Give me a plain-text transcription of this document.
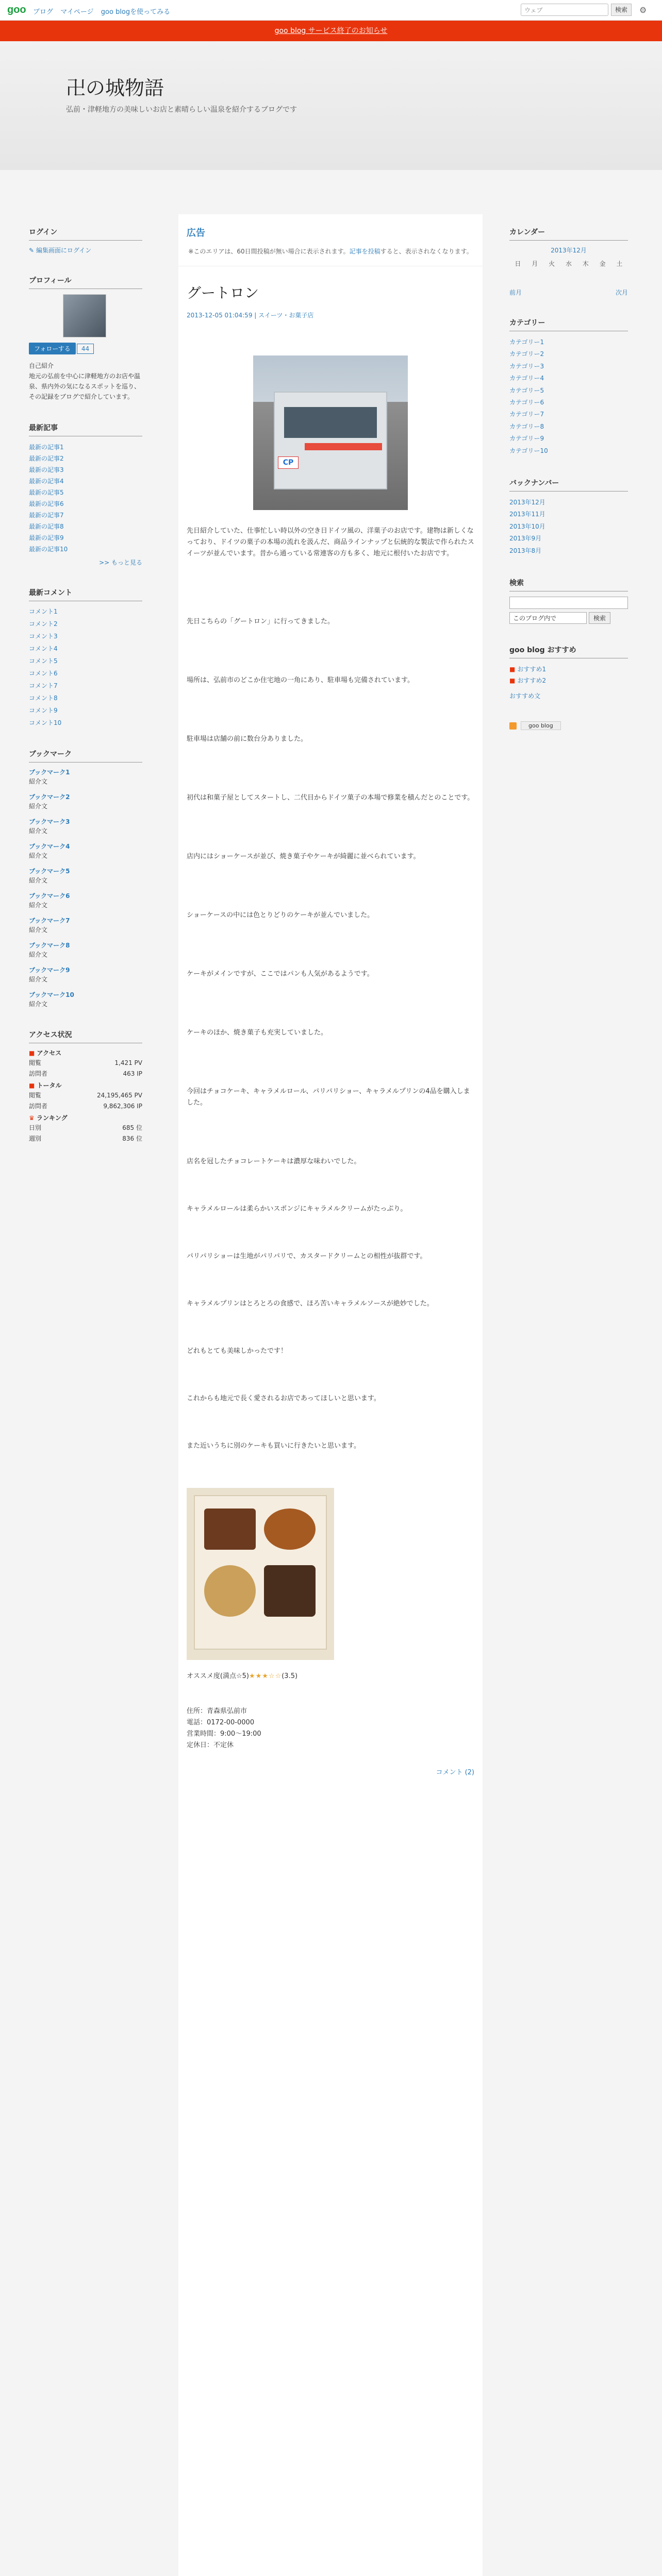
goo ブログ マイページ goo blogを使ってみる	ウェブ	検索	⚙
goo blog サービス終了のお知らせ
卍の城物語
弘前・津軽地方の美味しいお店と素晴らしい温泉を紹介するブログです
ログイン
✎ 編集画面にログイン
プロフィール
フォローする 44
自己紹介
地元の弘前を中心に津軽地方のお店や温泉、県内外の気になるスポットを巡り、その記録をブログで紹介しています。
最新記事
最新の記事1
最新の記事2
最新の記事3
最新の記事4
最新の記事5
最新の記事6
最新の記事7
最新の記事8
最新の記事9
最新の記事10
>> もっと見る
最新コメント
コメント1
コメント2
コメント3
コメント4
コメント5
コメント6
コメント7
コメント8
コメント9
コメント10
ブックマーク
ブックマーク1
紹介文
ブックマーク2
紹介文
ブックマーク3
紹介文
ブックマーク4
紹介文
ブックマーク5
紹介文
ブックマーク6
紹介文
ブックマーク7
紹介文
ブックマーク8
紹介文
ブックマーク9
紹介文
ブックマーク10
紹介文
アクセス状況
■ アクセス
閲覧	1,421 PV
訪問者	463 IP
■ トータル
閲覧	24,195,465 PV
訪問者	9,862,306 IP
♛ ランキング
日別	685 位
週別	836 位
広告
※このエリアは、60日間投稿が無い場合に表示されます。記事を投稿すると、表示されなくなります。
グートロン
2013-12-05 01:04:59 | スイーツ・お菓子店
CP
先日紹介していた、仕事忙しい時以外の空き日ドイツ風の、洋菓子のお店です。建物は新しくなっており、ドイツの菓子の本場の流れを汲んだ、商品ラインナップと伝統的な製法で作られたスイーツが並んでいます。昔から通っている常連客の方も多く、地元に根付いたお店です。
先日こちらの「グートロン」に行ってきました。
場所は、弘前市のどこか住宅地の一角にあり、駐車場も完備されています。
駐車場は店舗の前に数台分ありました。
初代は和菓子屋としてスタートし、二代目からドイツ菓子の本場で修業を積んだとのことです。
店内にはショーケースが並び、焼き菓子やケーキが綺麗に並べられています。
ショーケースの中には色とりどりのケーキが並んでいました。
ケーキがメインですが、ここではパンも人気があるようです。
ケーキのほか、焼き菓子も充実していました。
今回はチョコケーキ、キャラメルロール、パリパリショー、キャラメルプリンの4品を購入しました。
店名を冠したチョコレートケーキは濃厚な味わいでした。
キャラメルロールは柔らかいスポンジにキャラメルクリームがたっぷり。
パリパリショーは生地がパリパリで、カスタードクリームとの相性が抜群です。
キャラメルプリンはとろとろの食感で、ほろ苦いキャラメルソースが絶妙でした。
どれもとても美味しかったです！
これからも地元で長く愛されるお店であってほしいと思います。
また近いうちに別のケーキも買いに行きたいと思います。
オススメ度(満点☆5)★★★☆☆(3.5)
住所：青森県弘前市
電話：0172-00-0000
営業時間：9:00～19:00
定休日：不定休
コメント (2)
カレンダー
2013年12月
日	月	火	水	木	金	土

前月	次月
カテゴリー
カテゴリー1
カテゴリー2
カテゴリー3
カテゴリー4
カテゴリー5
カテゴリー6
カテゴリー7
カテゴリー8
カテゴリー9
カテゴリー10
バックナンバー
2013年12月
2013年11月
2013年10月
2013年9月
2013年8月
検索
このブログ内で	検索
goo blog おすすめ
■ おすすめ1
■ おすすめ2
おすすめ文
goo blog
